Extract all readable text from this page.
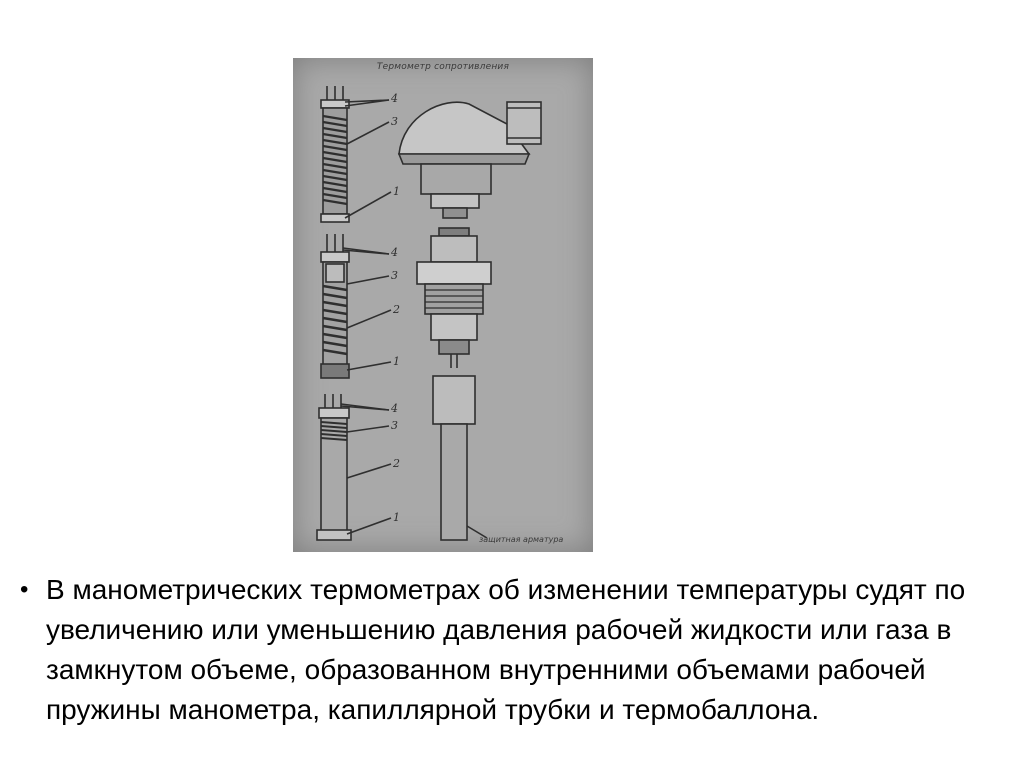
Термометр сопротивления
4
3
1
4
3
2
1
4
3
2
1
защитная арматура
• В манометрических термометрах об изменении температуры судят по увеличению или уменьшению давления рабочей жидкости или газа в замкнутом объеме, образованном внутренними объемами рабочей пружины манометра, капиллярной трубки и термобаллона.
